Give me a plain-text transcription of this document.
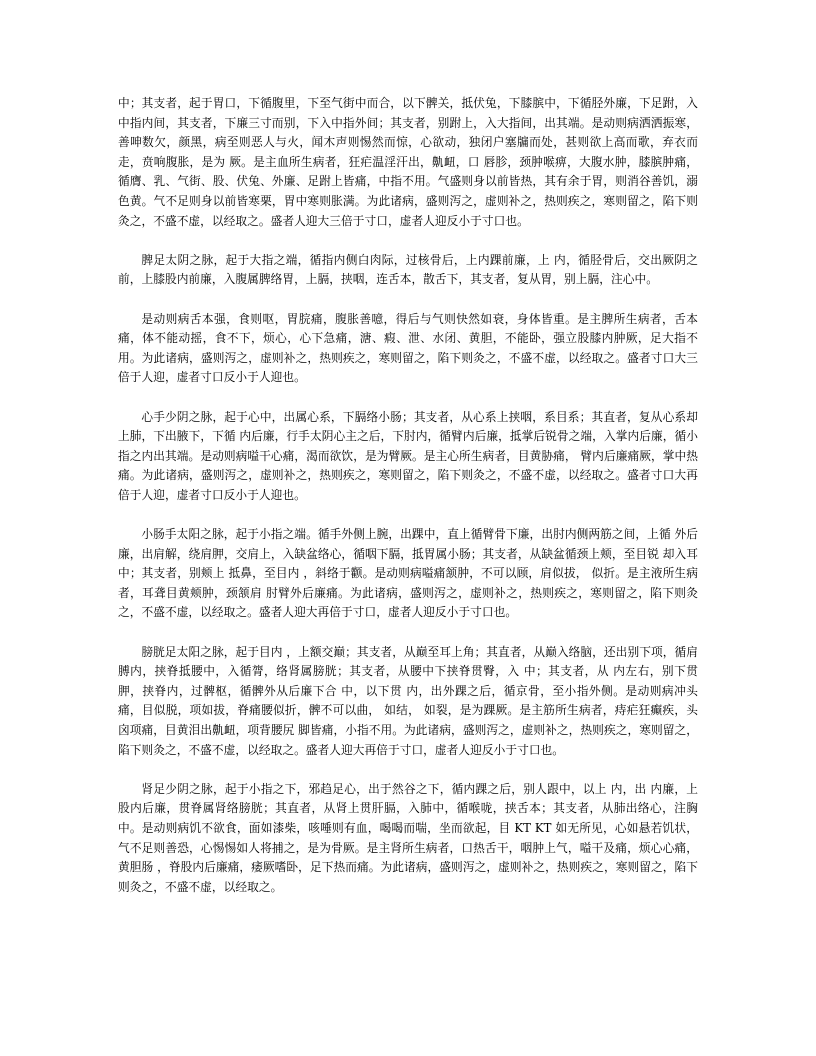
中；其支者，起于胃口，下循腹里，下至气街中而合，以下髀关，抵伏兔，下膝膑中，下循胫外廉，下足跗，入中指内间，其支者，下廉三寸而别，下入中指外间；其支者，别跗上，入大指间，出其端。是动则病洒洒振寒，善呻数欠，颜黑，病至则恶人与火，闻木声则惕然而惊，心欲动，独闭户塞牖而处，甚则欲上高而歌，弃衣而走，贲响腹胀，是为 厥。是主血所生病者，狂疟温淫汗出，鼽衄，口 唇胗，颈肿喉痹，大腹水肿，膝膑肿痛，循膺、乳、气街、股、伏兔、外廉、足跗上皆痛，中指不用。气盛则身以前皆热，其有余于胃，则消谷善饥，溺色黄。气不足则身以前皆寒栗，胃中寒则胀满。为此诸病，盛则泻之，虚则补之，热则疾之，寒则留之，陷下则灸之，不盛不虚，以经取之。盛者人迎大三倍于寸口，虚者人迎反小于寸口也。

脾足太阴之脉，起于大指之端，循指内侧白肉际，过核骨后，上内踝前廉，上 内，循胫骨后，交出厥阴之前，上膝股内前廉，入腹属脾络胃，上膈，挟咽，连舌本，散舌下，其支者，复从胃，别上膈，注心中。

是动则病舌本强，食则呕，胃脘痛，腹胀善噫，得后与气则快然如衰，身体皆重。是主脾所生病者，舌本痛，体不能动摇，食不下，烦心，心下急痛，溏、瘕、泄、水闭、黄胆，不能卧，强立股膝内肿厥，足大指不用。为此诸病，盛则泻之，虚则补之，热则疾之，寒则留之，陷下则灸之，不盛不虚，以经取之。盛者寸口大三倍于人迎，虚者寸口反小于人迎也。

心手少阴之脉，起于心中，出属心系，下膈络小肠；其支者，从心系上挟咽，系目系；其直者，复从心系却上肺，下出腋下，下循 内后廉，行手太阴心主之后，下肘内，循臂内后廉，抵掌后锐骨之端，入掌内后廉，循小指之内出其端。是动则病嗌干心痛，渴而欲饮，是为臂厥。是主心所生病者，目黄胁痛， 臂内后廉痛厥，掌中热痛。为此诸病，盛则泻之，虚则补之，热则疾之，寒则留之，陷下则灸之，不盛不虚，以经取之。盛者寸口大再倍于人迎，虚者寸口反小于人迎也。

小肠手太阳之脉，起于小指之端。循手外侧上腕，出踝中，直上循臂骨下廉，出肘内侧两筋之间，上循 外后廉，出肩解，绕肩胛，交肩上，入缺盆络心，循咽下膈，抵胃属小肠；其支者，从缺盆循颈上颊，至目锐 却入耳中；其支者，别颊上 抵鼻，至目内 ，斜络于颧。是动则病嗌痛颔肿，不可以顾，肩似拔， 似折。是主液所生病者，耳聋目黄颊肿，颈颔肩 肘臂外后廉痛。为此诸病，盛则泻之，虚则补之，热则疾之，寒则留之，陷下则灸之，不盛不虚，以经取之。盛者人迎大再倍于寸口，虚者人迎反小于寸口也。

膀胱足太阳之脉，起于目内 ，上额交巅；其支者，从巅至耳上角；其直者，从巅入络脑，还出别下项，循肩膊内，挟脊抵腰中，入循膂，络肾属膀胱；其支者，从腰中下挟脊贯臀，入 中；其支者，从 内左右，别下贯胛，挟脊内，过髀枢，循髀外从后廉下合 中，以下贯 内，出外踝之后，循京骨，至小指外侧。是动则病冲头痛，目似脱，项如拔，脊痛腰似折，髀不可以曲， 如结， 如裂，是为踝厥。是主筋所生病者，痔疟狂癫疾，头囟项痛，目黄泪出鼽衄，项背腰尻 脚皆痛，小指不用。为此诸病，盛则泻之，虚则补之，热则疾之，寒则留之，陷下则灸之，不盛不虚，以经取之。盛者人迎大再倍于寸口，虚者人迎反小于寸口也。

肾足少阴之脉，起于小指之下，邪趋足心，出于然谷之下，循内踝之后，别人跟中，以上 内，出 内廉，上股内后廉，贯脊属肾络膀胱；其直者，从肾上贯肝膈，入肺中，循喉咙，挟舌本；其支者，从肺出络心，注胸中。是动则病饥不欲食，面如漆柴，咳唾则有血，喝喝而喘，坐而欲起，目 KT KT 如无所见，心如悬若饥状，气不足则善恐，心惕惕如人将捕之，是为骨厥。是主肾所生病者，口热舌干，咽肿上气，嗌干及痛，烦心心痛，黄胆肠 ，脊股内后廉痛，痿厥嗜卧，足下热而痛。为此诸病，盛则泻之，虚则补之，热则疾之，寒则留之，陷下则灸之，不盛不虚，以经取之。
